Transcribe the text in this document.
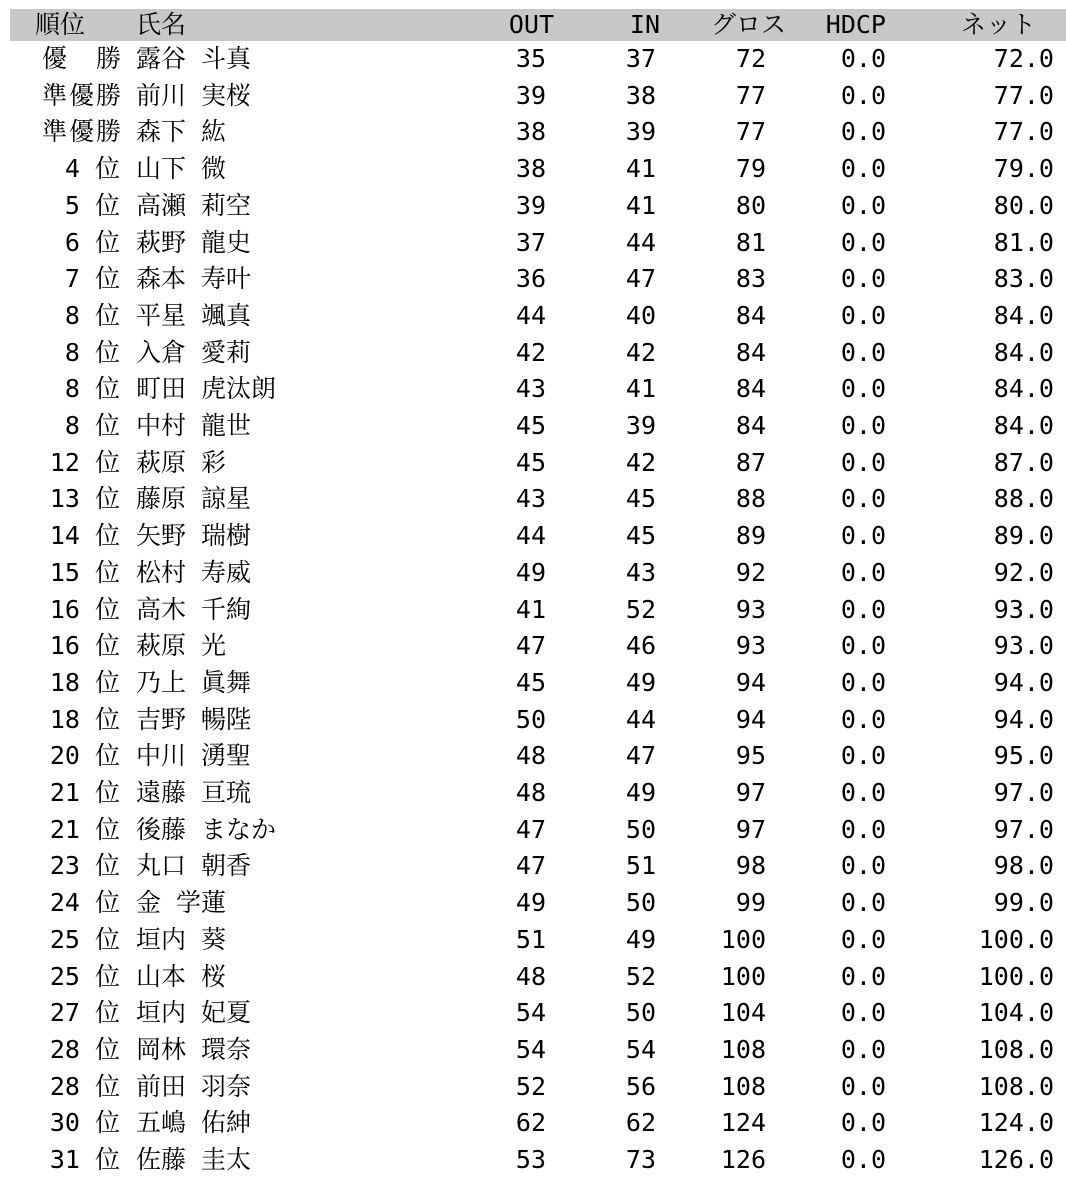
順位	氏名	OUT	IN	グロス	HDCP	ネット
優　勝 露谷 斗真	35	37	72	0.0	72.0
準優勝 前川 実桜	39	38	77	0.0	77.0
準優勝 森下 紘	38	39	77	0.0	77.0
4 位 山下 微	38	41	79	0.0	79.0
5 位 高瀬 莉空	39	41	80	0.0	80.0
6 位 萩野 龍史	37	44	81	0.0	81.0
7 位 森本 寿叶	36	47	83	0.0	83.0
8 位 平星 颯真	44	40	84	0.0	84.0
8 位 入倉 愛莉	42	42	84	0.0	84.0
8 位 町田 虎汰朗	43	41	84	0.0	84.0
8 位 中村 龍世	45	39	84	0.0	84.0
12 位 萩原 彩	45	42	87	0.0	87.0
13 位 藤原 諒星	43	45	88	0.0	88.0
14 位 矢野 瑞樹	44	45	89	0.0	89.0
15 位 松村 寿威	49	43	92	0.0	92.0
16 位 高木 千絢	41	52	93	0.0	93.0
16 位 萩原 光	47	46	93	0.0	93.0
18 位 乃上 眞舞	45	49	94	0.0	94.0
18 位 吉野 暢陛	50	44	94	0.0	94.0
20 位 中川 湧聖	48	47	95	0.0	95.0
21 位 遠藤 亘琉	48	49	97	0.0	97.0
21 位 後藤 まなか	47	50	97	0.0	97.0
23 位 丸口 朝香	47	51	98	0.0	98.0
24 位 金 学蓮	49	50	99	0.0	99.0
25 位 垣内 葵	51	49	100	0.0	100.0
25 位 山本 桜	48	52	100	0.0	100.0
27 位 垣内 妃夏	54	50	104	0.0	104.0
28 位 岡林 環奈	54	54	108	0.0	108.0
28 位 前田 羽奈	52	56	108	0.0	108.0
30 位 五嶋 佑紳	62	62	124	0.0	124.0
31 位 佐藤 圭太	53	73	126	0.0	126.0
